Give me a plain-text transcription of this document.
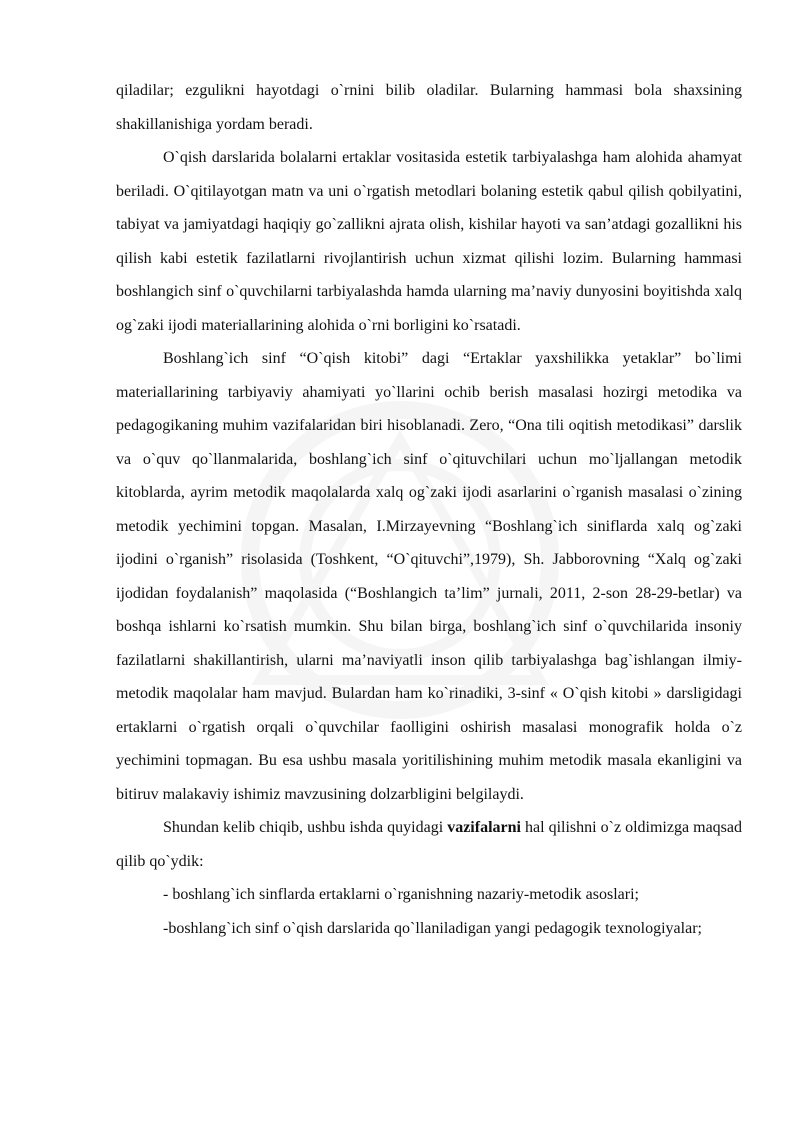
qiladilar; ezgulikni hayotdagi o`rnini bilib oladilar. Bularning hammasi bola shaxsining shakillanishiga yordam beradi.

O`qish darslarida bolalarni ertaklar vositasida estetik tarbiyalashga ham alohida ahamyat beriladi. O`qitilayotgan matn va uni o`rgatish metodlari bolaning estetik qabul qilish qobilyatini, tabiyat va jamiyatdagi haqiqiy go`zallikni ajrata olish, kishilar hayoti va san’atdagi gozallikni his qilish kabi estetik fazilatlarni rivojlantirish uchun xizmat qilishi lozim. Bularning hammasi boshlangich sinf o`quvchilarni tarbiyalashda hamda ularning ma’naviy dunyosini boyitishda xalq og`zaki ijodi materiallarining alohida o`rni borligini ko`rsatadi.

Boshlang`ich sinf “O`qish kitobi” dagi “Ertaklar yaxshilikka yetaklar” bo`limi materiallarining tarbiyaviy ahamiyati yo`llarini ochib berish masalasi hozirgi metodika va pedagogikaning muhim vazifalaridan biri hisoblanadi. Zero, “Ona tili oqitish metodikasi” darslik va o`quv qo`llanmalarida, boshlang`ich sinf o`qituvchilari uchun mo`ljallangan metodik kitoblarda, ayrim metodik maqolalarda xalq og`zaki ijodi asarlarini o`rganish masalasi o`zining metodik yechimini topgan. Masalan, I.Mirzayevning “Boshlang`ich siniflarda xalq og`zaki ijodini o`rganish” risolasida (Toshkent, “O`qituvchi”,1979), Sh. Jabborovning “Xalq og`zaki ijodidan foydalanish” maqolasida (“Boshlangich ta’lim” jurnali, 2011, 2-son 28-29-betlar) va boshqa ishlarni ko`rsatish mumkin. Shu bilan birga, boshlang`ich sinf o`quvchilarida insoniy fazilatlarni shakillantirish, ularni ma’naviyatli inson qilib tarbiyalashga bag`ishlangan ilmiy- metodik maqolalar ham mavjud. Bulardan ham ko`rinadiki, 3-sinf « O`qish kitobi » darsligidagi ertaklarni o`rgatish orqali o`quvchilar faolligini oshirish masalasi monografik holda o`z yechimini topmagan. Bu esa ushbu masala yoritilishining muhim metodik masala ekanligini va bitiruv malakaviy ishimiz mavzusining dolzarbligini belgilaydi.

Shundan kelib chiqib, ushbu ishda quyidagi vazifalarni hal qilishni o`z oldimizga maqsad qilib qo`ydik:

- boshlang`ich sinflarda ertaklarni o`rganishning nazariy-metodik asoslari;

-boshlang`ich sinf o`qish darslarida qo`llaniladigan yangi pedagogik texnologiyalar;
